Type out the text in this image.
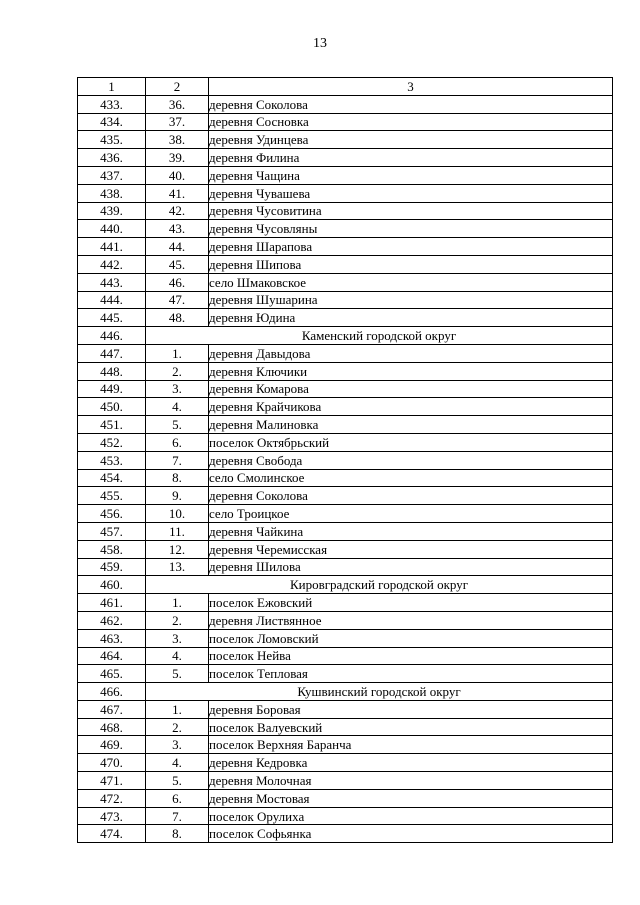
13
1	2	3
433.	36.	деревня Соколова
434.	37.	деревня Сосновка
435.	38.	деревня Удинцева
436.	39.	деревня Филина
437.	40.	деревня Чащина
438.	41.	деревня Чувашева
439.	42.	деревня Чусовитина
440.	43.	деревня Чусовляны
441.	44.	деревня Шарапова
442.	45.	деревня Шипова
443.	46.	село Шмаковское
444.	47.	деревня Шушарина
445.	48.	деревня Юдина
446.	Каменский городской округ	
447.	1.	деревня Давыдова
448.	2.	деревня Ключики
449.	3.	деревня Комарова
450.	4.	деревня Крайчикова
451.	5.	деревня Малиновка
452.	6.	поселок Октябрьский
453.	7.	деревня Свобода
454.	8.	село Смолинское
455.	9.	деревня Соколова
456.	10.	село Троицкое
457.	11.	деревня Чайкина
458.	12.	деревня Черемисская
459.	13.	деревня Шилова
460.	Кировградский городской округ	
461.	1.	поселок Ежовский
462.	2.	деревня Листвянное
463.	3.	поселок Ломовский
464.	4.	поселок Нейва
465.	5.	поселок Тепловая
466.	Кушвинский городской округ	
467.	1.	деревня Боровая
468.	2.	поселок Валуевский
469.	3.	поселок Верхняя Баранча
470.	4.	деревня Кедровка
471.	5.	деревня Молочная
472.	6.	деревня Мостовая
473.	7.	поселок Орулиха
474.	8.	поселок Софьянка
